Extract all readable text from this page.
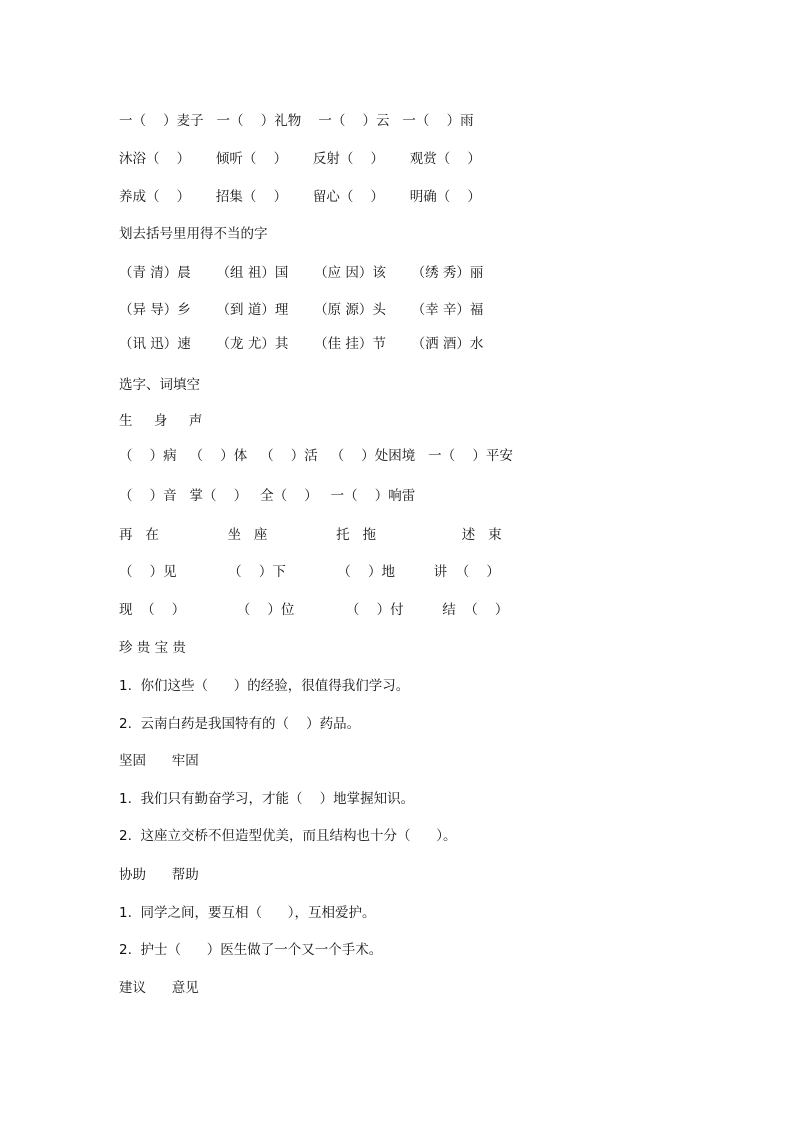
一（    ）麦子   一（    ）礼物    一（    ）云   一（    ）雨
沐浴（    ）      倾听（    ）      反射（    ）      观赏（    ）
养成（    ）      招集（    ）      留心（    ）      明确（    ）
划去括号里用得不当的字
（青 清）晨      （组 祖）国      （应 因）该      （绣 秀）丽
（异 导）乡      （到 道）理      （原 源）头      （幸 辛）福
（讯 迅）速      （龙 尤）其      （佳 挂）节      （洒 酒）水
选字、词填空
生     身     声
（    ）病   （    ）体   （    ）活   （    ）处困境   一（    ）平安
（    ）音   掌（    ）   全（    ）   一（    ）响雷
再   在                坐   座                托   拖                    述   束
（    ）见            （    ）下            （    ）地         讲  （    ）
现  （    ）            （    ）位            （    ）付         结  （    ）
珍 贵 宝 贵
1.  你们这些（      ）的经验，很值得我们学习。
2.  云南白药是我国特有的（    ）药品。
坚固      牢固
1.  我们只有勤奋学习，才能（    ）地掌握知识。
2.  这座立交桥不但造型优美，而且结构也十分（      ）。
协助      帮助
1.  同学之间，要互相（      ），互相爱护。
2.  护士（      ）医生做了一个又一个手术。
建议      意见
